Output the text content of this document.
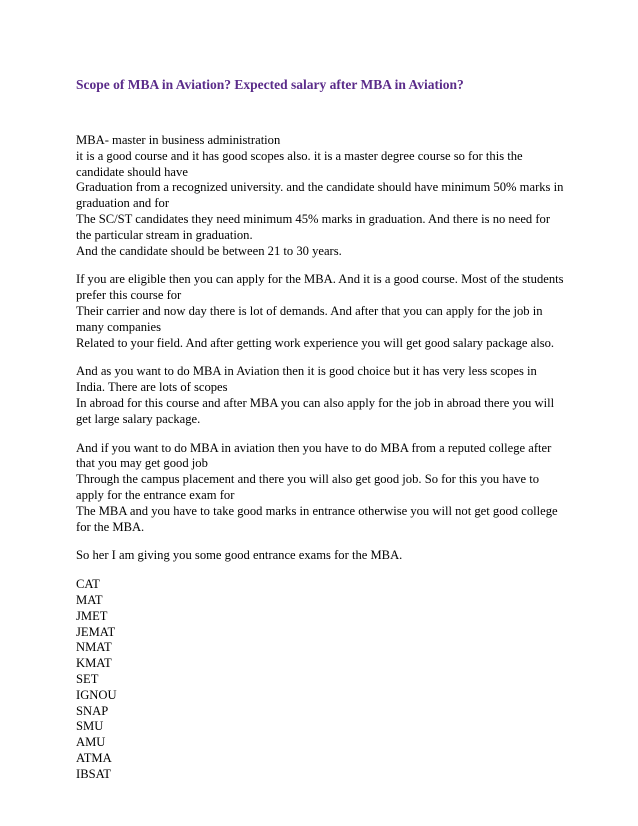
Scope of MBA in Aviation? Expected salary after MBA in Aviation?

MBA- master in business administration
it is a good course and it has good scopes also. it is a master degree course so for this the
candidate should have
Graduation from a recognized university. and the candidate should have minimum 50% marks in
graduation and for
The SC/ST candidates they need minimum 45% marks in graduation. And there is no need for
the particular stream in graduation.
And the candidate should be between 21 to 30 years.

If you are eligible then you can apply for the MBA. And it is a good course. Most of the students
prefer this course for
Their carrier and now day there is lot of demands. And after that you can apply for the job in
many companies
Related to your field. And after getting work experience you will get good salary package also.

And as you want to do MBA in Aviation then it is good choice but it has very less scopes in
India. There are lots of scopes
In abroad for this course and after MBA you can also apply for the job in abroad there you will
get large salary package.

And if you want to do MBA in aviation then you have to do MBA from a reputed college after
that you may get good job
Through the campus placement and there you will also get good job. So for this you have to
apply for the entrance exam for
The MBA and you have to take good marks in entrance otherwise you will not get good college
for the MBA.

So her I am giving you some good entrance exams for the MBA.

CAT
MAT
JMET
JEMAT
NMAT
KMAT
SET
IGNOU
SNAP
SMU
AMU
ATMA
IBSAT
